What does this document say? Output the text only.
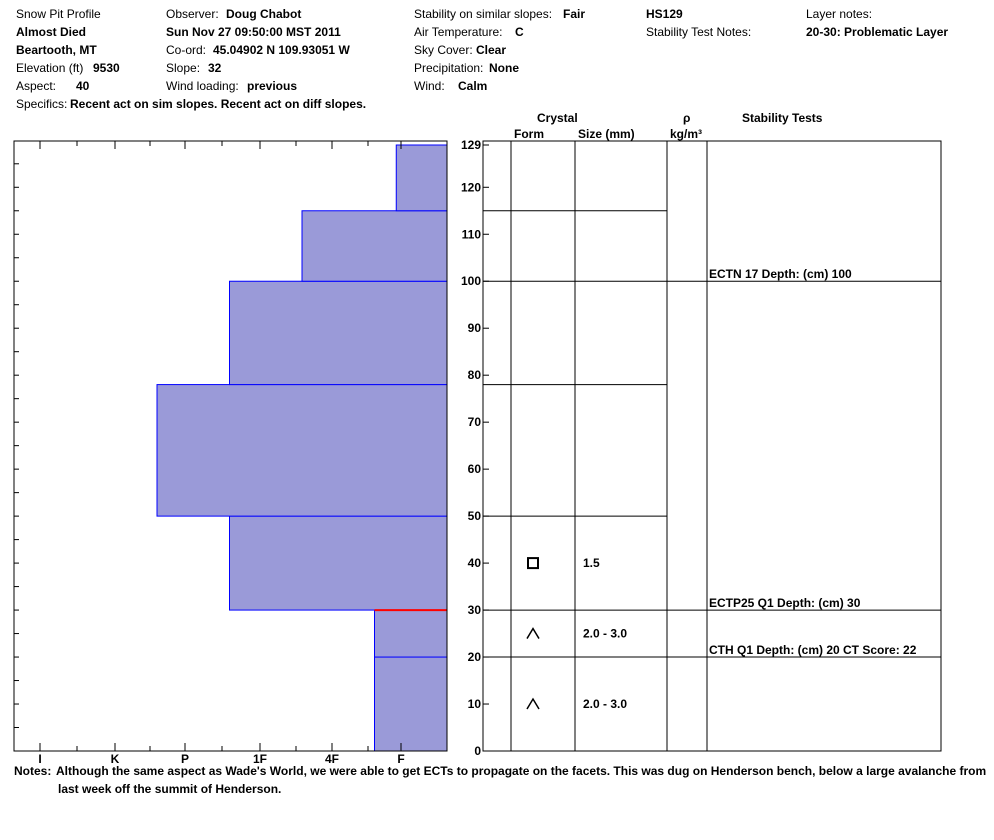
Snow Pit Profile
Almost Died
Beartooth, MT
Elevation (ft) 9530
Aspect: 40
Specifics: Recent act on sim slopes. Recent act on diff slopes.
Observer: Doug Chabot
Sun Nov 27 09:50:00 MST 2011
Co-ord: 45.04902 N 109.93051 W
Slope: 32
Wind loading: previous
Stability on similar slopes: Fair
Air Temperature: C
Sky Cover: Clear
Precipitation: None
Wind: Calm
HS129
Stability Test Notes:
Layer notes:
20-30: Problematic Layer
Crystal
Form	Size (mm)
ρ
kg/m³
Stability Tests
ECTN 17 Depth: (cm) 100
ECTP25 Q1 Depth: (cm) 30
CTH Q1 Depth: (cm) 20 CT Score: 22
0
10
20
30
40
50
60
70
80
90
100
110
120
129
I	K	P	1F	4F	F
2.0 - 3.0
2.0 - 3.0
1.5
Notes: Although the same aspect as Wade's World, we were able to get ECTs to propagate on the facets. This was dug on Henderson bench, below a large avalanche from
last week off the summit of Henderson.
